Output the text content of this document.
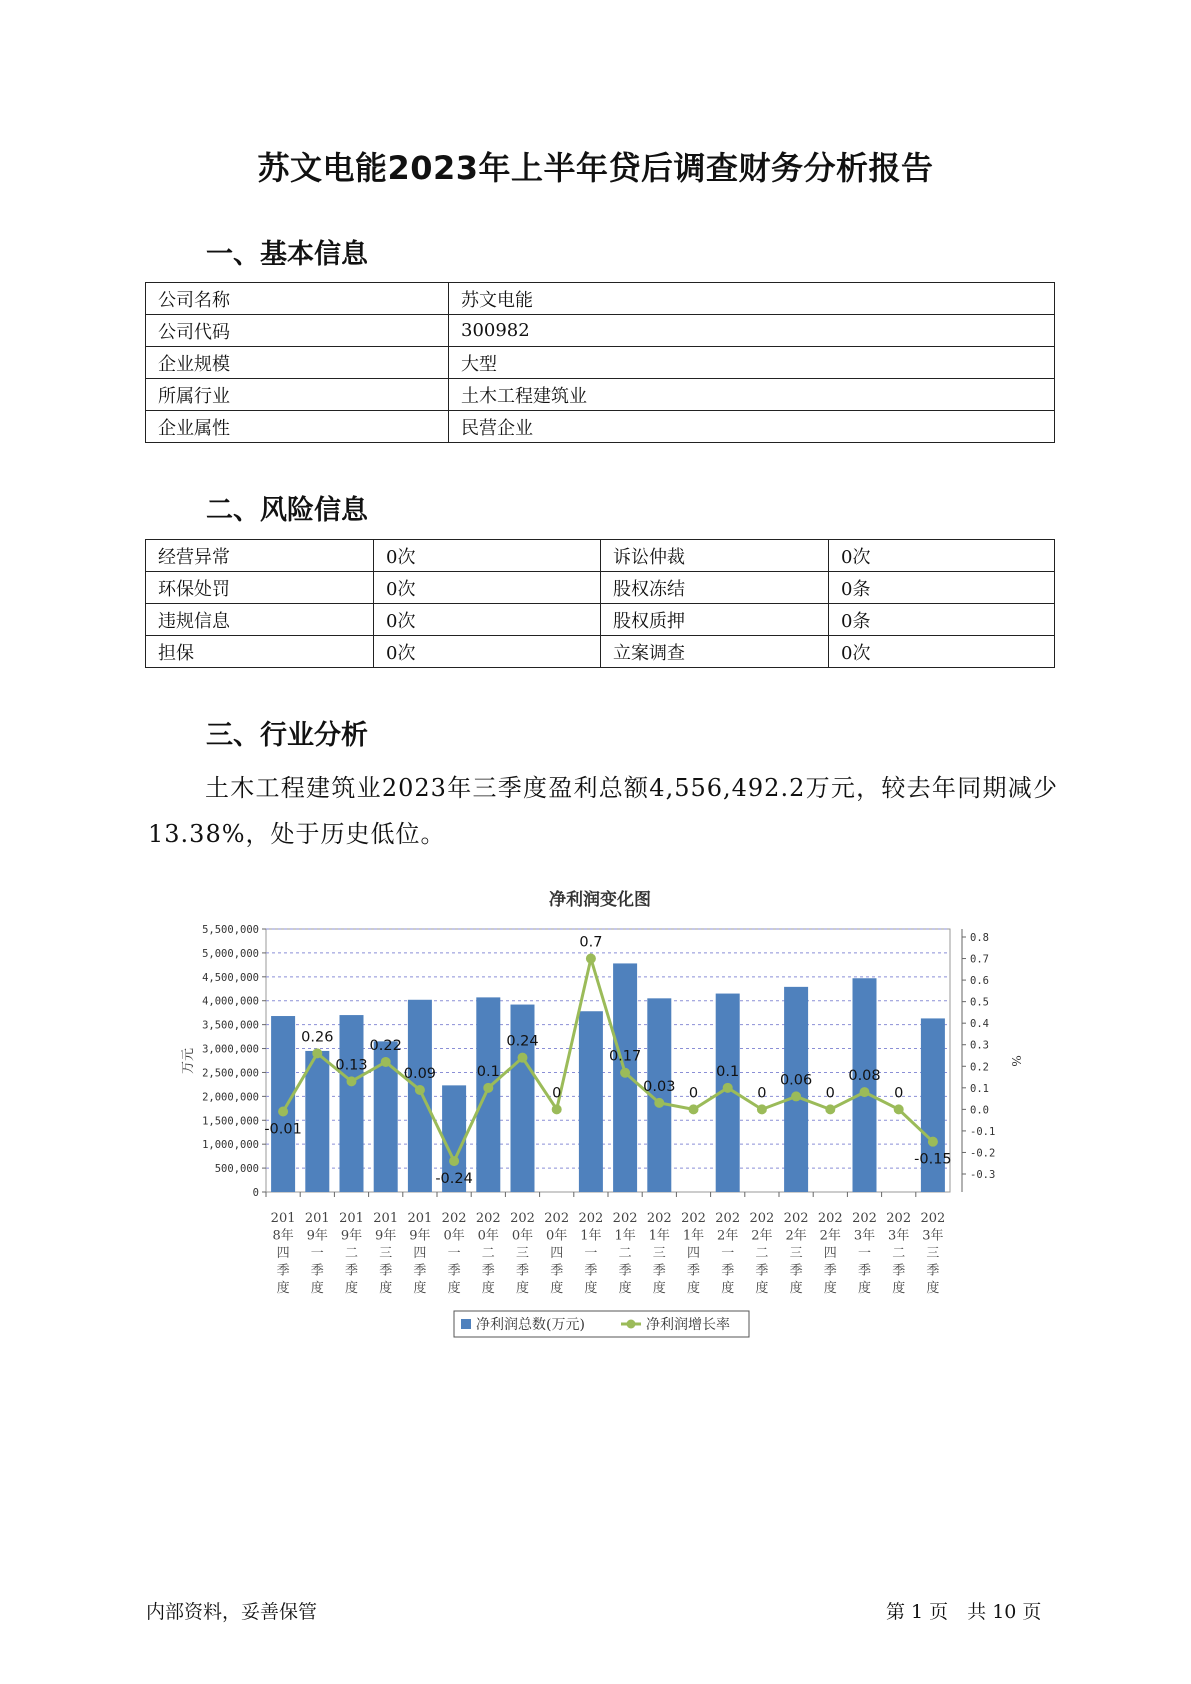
苏文电能2023年上半年贷后调查财务分析报告
一、基本信息
公司名称	苏文电能
公司代码	300982
企业规模	大型
所属行业	土木工程建筑业
企业属性	民营企业
二、风险信息
经营异常	0次	诉讼仲裁	0次
环保处罚	0次	股权冻结	0条
违规信息	0次	股权质押	0条
担保	0次	立案调查	0次
三、行业分析
土木工程建筑业2023年三季度盈利总额4,556,492.2万元，较去年同期减少13.38%，处于历史低位。
净利润变化图
0
500,000
1,000,000
1,500,000
2,000,000
2,500,000
3,000,000
3,500,000
4,000,000
4,500,000
5,000,000
5,500,000
-0.3
-0.2
-0.1
0.0
0.1
0.2
0.3
0.4
0.5
0.6
0.7
0.8
万元	%
201
8年
四
季
度
201
9年
一
季
度
201
9年
二
季
度
201
9年
三
季
度
201
9年
四
季
度
202
0年
一
季
度
202
0年
二
季
度
202
0年
三
季
度
202
0年
四
季
度
202
1年
一
季
度
202
1年
二
季
度
202
1年
三
季
度
202
1年
四
季
度
202
2年
一
季
度
202
2年
二
季
度
202
2年
三
季
度
202
2年
四
季
度
202
3年
一
季
度
202
3年
二
季
度
202
3年
三
季
度
-0.01
0.26
0.13
0.22
0.09
-0.24
0.1
0.24
0
0.7
0.17
0.03 0
0.1
0
0.06
0
0.08
0
-0.15
净利润总数(万元)	净利润增长率
内部资料，妥善保管	第 1 页　共 10 页
